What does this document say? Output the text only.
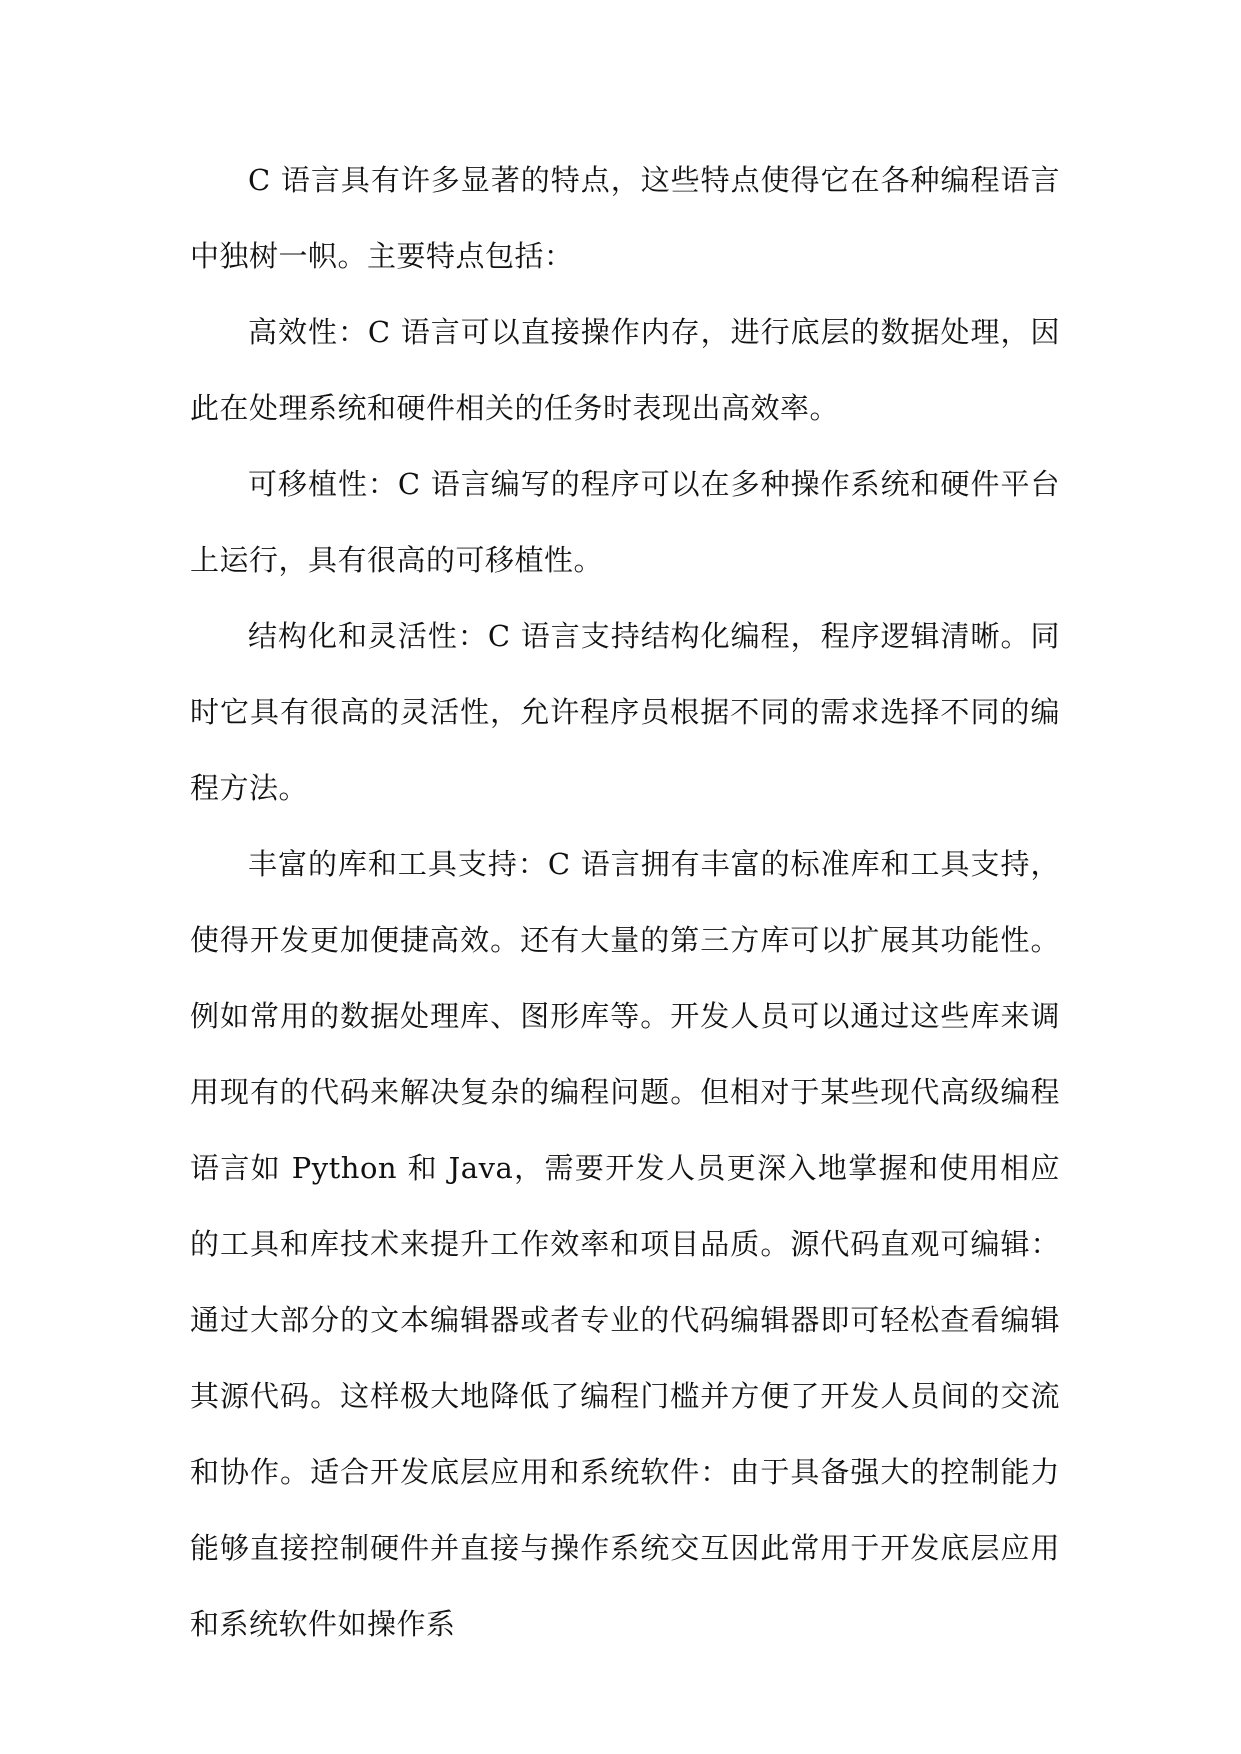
C 语言具有许多显著的特点，这些特点使得它在各种编程语言中独树一帜。主要特点包括：

高效性：C 语言可以直接操作内存，进行底层的数据处理，因此在处理系统和硬件相关的任务时表现出高效率。

可移植性：C 语言编写的程序可以在多种操作系统和硬件平台上运行，具有很高的可移植性。

结构化和灵活性：C 语言支持结构化编程，程序逻辑清晰。同时它具有很高的灵活性，允许程序员根据不同的需求选择不同的编程方法。

丰富的库和工具支持：C 语言拥有丰富的标准库和工具支持，使得开发更加便捷高效。还有大量的第三方库可以扩展其功能性。例如常用的数据处理库、图形库等。开发人员可以通过这些库来调用现有的代码来解决复杂的编程问题。但相对于某些现代高级编程语言如 Python 和 Java，需要开发人员更深入地掌握和使用相应的工具和库技术来提升工作效率和项目品质。源代码直观可编辑：通过大部分的文本编辑器或者专业的代码编辑器即可轻松查看编辑其源代码。这样极大地降低了编程门槛并方便了开发人员间的交流和协作。适合开发底层应用和系统软件：由于具备强大的控制能力能够直接控制硬件并直接与操作系统交互因此常用于开发底层应用和系统软件如操作系
